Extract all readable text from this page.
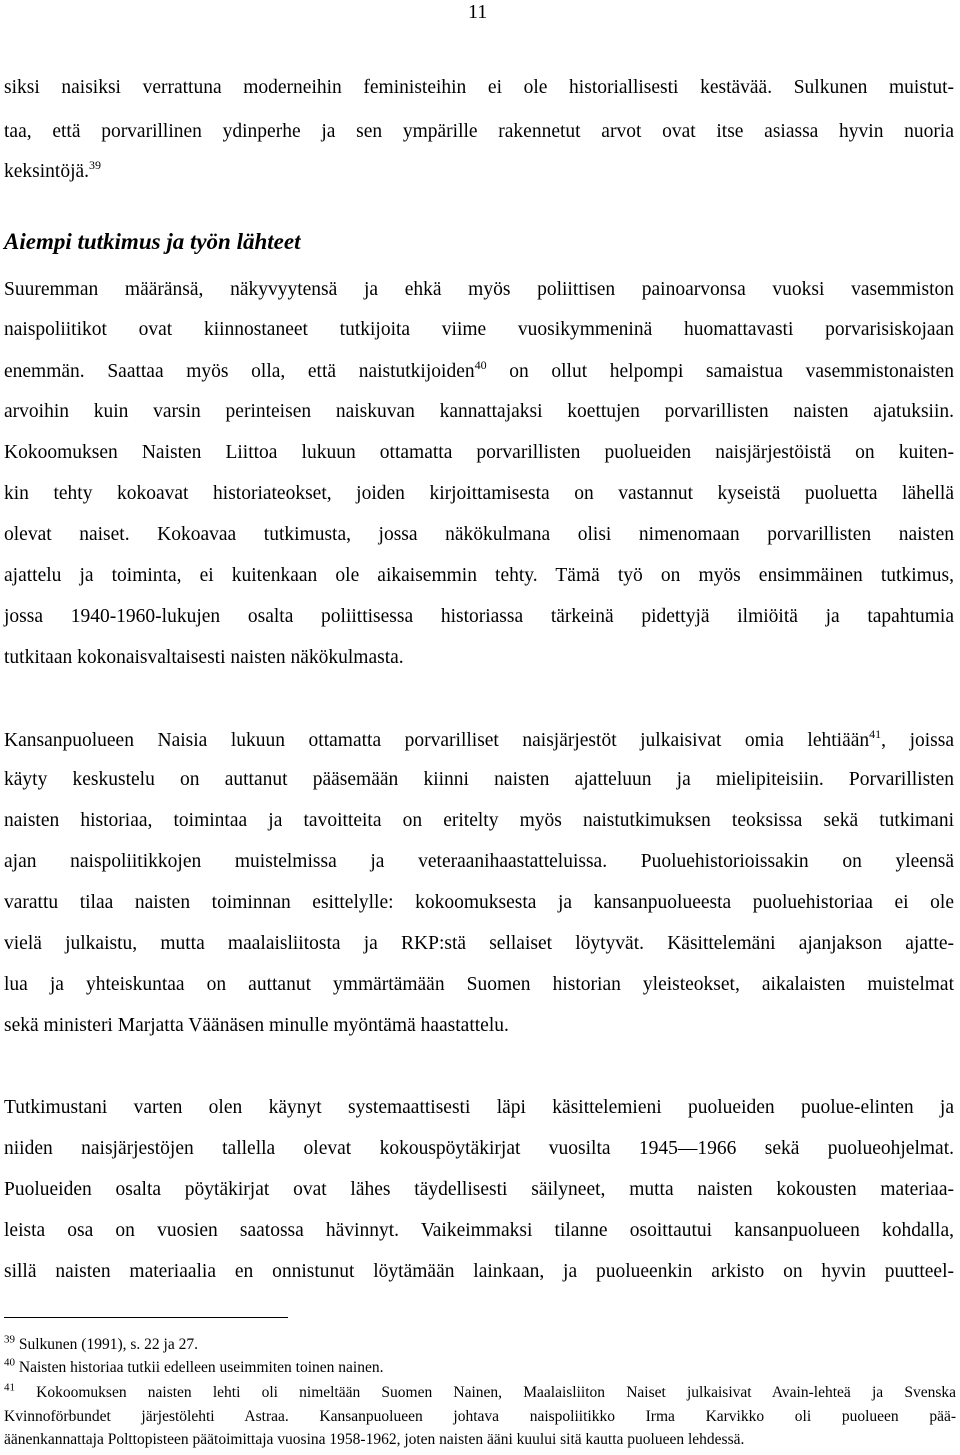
11
siksi naisiksi verrattuna moderneihin feministeihin ei ole historiallisesti kestävää. Sulkunen muistut-
taa, että porvarillinen ydinperhe ja sen ympärille rakennetut arvot ovat itse asiassa hyvin nuoria
keksintöjä.$^{39}$
Aiempi tutkimus ja työn lähteet
Suuremman määränsä, näkyvyytensä ja ehkä myös poliittisen painoarvonsa vuoksi vasemmiston
naispoliitikot ovat kiinnostaneet tutkijoita viime vuosikymmeninä huomattavasti porvarisiskojaan
enemmän. Saattaa myös olla, että naistutkijoiden$^{40}$ on ollut helpompi samaistua vasemmistonaisten
arvoihin kuin varsin perinteisen naiskuvan kannattajaksi koettujen porvarillisten naisten ajatuksiin.
Kokoomuksen Naisten Liittoa lukuun ottamatta porvarillisten puolueiden naisjärjestöistä on kuiten-
kin tehty kokoavat historiateokset, joiden kirjoittamisesta on vastannut kyseistä puoluetta lähellä
olevat naiset. Kokoavaa tutkimusta, jossa näkökulmana olisi nimenomaan porvarillisten naisten
ajattelu ja toiminta, ei kuitenkaan ole aikaisemmin tehty. Tämä työ on myös ensimmäinen tutkimus,
jossa 1940-1960-lukujen osalta poliittisessa historiassa tärkeinä pidettyjä ilmiöitä ja tapahtumia
tutkitaan kokonaisvaltaisesti naisten näkökulmasta.
Kansanpuolueen Naisia lukuun ottamatta porvarilliset naisjärjestöt julkaisivat omia lehtiään$^{41}$, joissa
käyty keskustelu on auttanut pääsemään kiinni naisten ajatteluun ja mielipiteisiin. Porvarillisten
naisten historiaa, toimintaa ja tavoitteita on eritelty myös naistutkimuksen teoksissa sekä tutkimani
ajan naispoliitikkojen muistelmissa ja veteraanihaastatteluissa. Puoluehistorioissakin on yleensä
varattu tilaa naisten toiminnan esittelylle: kokoomuksesta ja kansanpuolueesta puoluehistoriaa ei ole
vielä julkaistu, mutta maalaisliitosta ja RKP:stä sellaiset löytyvät. Käsittelemäni ajanjakson ajatte-
lua ja yhteiskuntaa on auttanut ymmärtämään Suomen historian yleisteokset, aikalaisten muistelmat
sekä ministeri Marjatta Väänäsen minulle myöntämä haastattelu.
Tutkimustani varten olen käynyt systemaattisesti läpi käsittelemieni puolueiden puolue-elinten ja
niiden naisjärjestöjen tallella olevat kokouspöytäkirjat vuosilta 1945—1966 sekä puolueohjelmat.
Puolueiden osalta pöytäkirjat ovat lähes täydellisesti säilyneet, mutta naisten kokousten materiaa-
leista osa on vuosien saatossa hävinnyt. Vaikeimmaksi tilanne osoittautui kansanpuolueen kohdalla,
sillä naisten materiaalia en onnistunut löytämään lainkaan, ja puolueenkin arkisto on hyvin puutteel-
$^{39}$ Sulkunen (1991), s. 22 ja 27.
$^{40}$ Naisten historiaa tutkii edelleen useimmiten toinen nainen.
$^{41}$ Kokoomuksen naisten lehti oli nimeltään Suomen Nainen, Maalaisliiton Naiset julkaisivat Avain-lehteä ja Svenska
Kvinnoförbundet järjestölehti Astraa. Kansanpuolueen johtava naispoliitikko Irma Karvikko oli puolueen pää-
äänenkannattaja Polttopisteen päätoimittaja vuosina 1958-1962, joten naisten ääni kuului sitä kautta puolueen lehdessä.
